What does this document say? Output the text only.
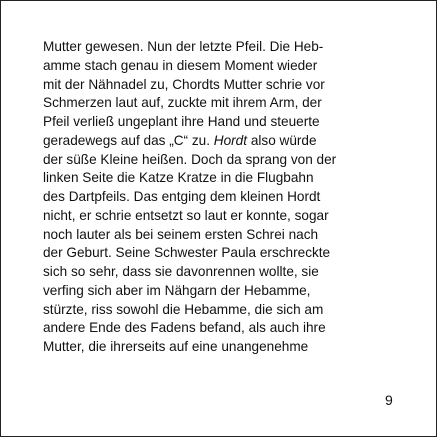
Mutter gewesen. Nun der letzte Pfeil. Die Heb-
amme stach genau in diesem Moment wieder
mit der Nähnadel zu, Chordts Mutter schrie vor
Schmerzen laut auf, zuckte mit ihrem Arm, der
Pfeil verließ ungeplant ihre Hand und steuerte
geradewegs auf das „C“ zu. Hordt also würde
der süße Kleine heißen. Doch da sprang von der
linken Seite die Katze Kratze in die Flugbahn
des Dartpfeils. Das entging dem kleinen Hordt
nicht, er schrie entsetzt so laut er konnte, sogar
noch lauter als bei seinem ersten Schrei nach
der Geburt. Seine Schwester Paula erschreckte
sich so sehr, dass sie davonrennen wollte, sie
verfing sich aber im Nähgarn der Hebamme,
stürzte, riss sowohl die Hebamme, die sich am
andere Ende des Fadens befand, als auch ihre
Mutter, die ihrerseits auf eine unangenehme

9
